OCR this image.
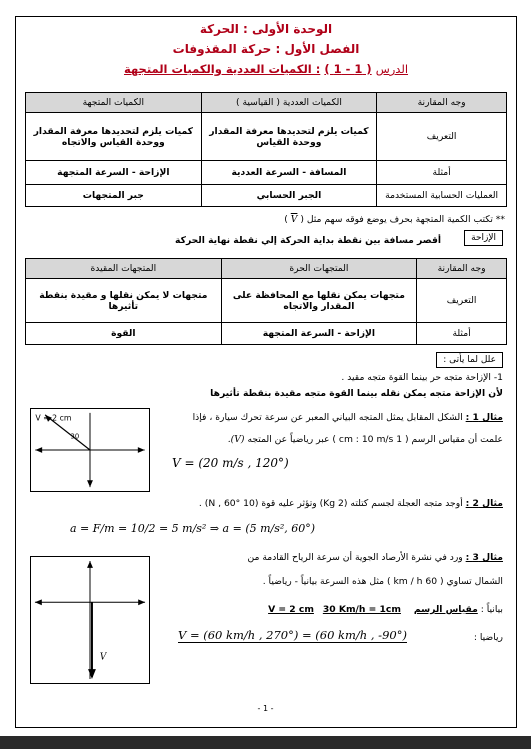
الوحدة الأولى : الحركة
الفصل الأول : حركة المقذوفات
الدرس ( 1 - 1 ) : الكميات العددية والكميات المتجهة
وجه المقارنة	الكميات العددية ( القياسية )	الكميات المتجهة
التعريف	كميات يلزم لتحديدها معرفة المقدار ووحدة القياس	كميات يلزم لتحديدها معرفة المقدار ووحدة القياس والاتجاه
أمثلة	المسافة - السرعة العددية	الإزاحة - السرعة المتجهة
العمليات الحسابية المستخدمة	الجبر الحسابي	جبر المتجهات
** تكتب الكمية المتجهة بحرف يوضع فوقه سهم مثل ( V )
الإزاحة
أقصر مسافة بين نقطة بداية الحركة إلي نقطة نهاية الحركة
وجه المقارنة	المتجهات الحرة	المتجهات المقيدة
التعريف	متجهات يمكن نقلها مع المحافظة على المقدار والاتجاه	متجهات لا يمكن نقلها و مقيدة بنقطة تأثيرها
أمثلة	الإزاحة - السرعة المتجهة	القوة
علل لما يأتى :
1- الإزاحة متجه حر بينما القوة متجه مقيد .
لأن الإزاحة متجه يمكن نقله بينما القوة متجه مقيدة بنقطة تأثيرها
مثال 1 : الشكل المقابل يمثل المتجه البياني المعبر عن سرعة تحرك سيارة ، فإذا
علمت أن مقياس الرسم ( 1 cm : 10 m/s ) عبر رياضياً عن المتجه (V).
V = (20 m/s , 120°)
V = 2 cm
30
مثال 2 : أوجد متجه العجلة لجسم كتلته (2 Kg) وتؤثر عليه قوة (10 N , 60°) .
a = F/m = 10/2 = 5 m/s² ⇒ a = (5 m/s², 60°)
مثال 3 : ورد في نشرة الأرصاد الجوية أن سرعة الرياح القادمة من
الشمال تساوي ( 60 km / h ) مثل هذه السرعة بيانياً - رياضياً .
بيانياً : مقياس الرسم V = 2 cm 30 Km/h = 1cm
رياضيا :
V = (60 km/h , 270°) = (60 km/h , -90°)
V
- 1 -
